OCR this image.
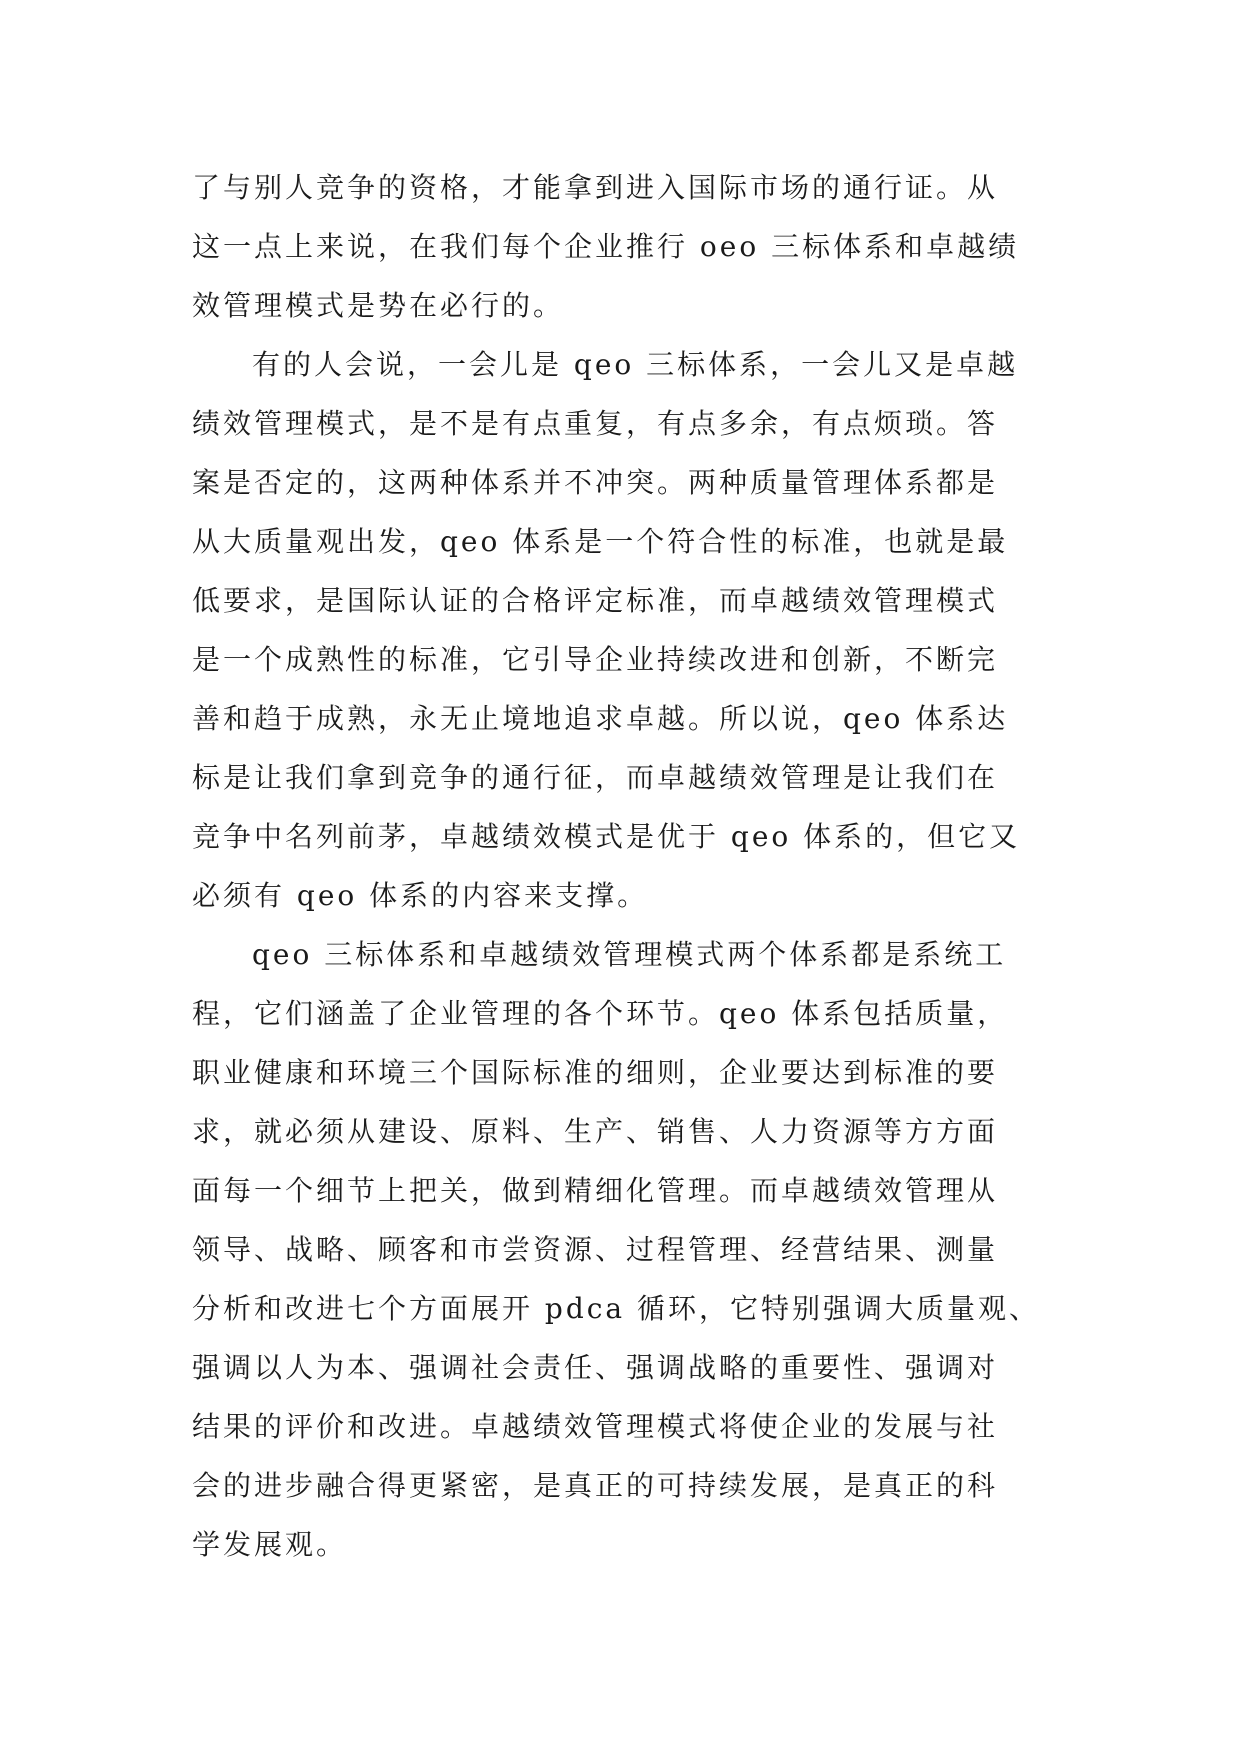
了与别人竞争的资格，才能拿到进入国际市场的通行证。从
这一点上来说，在我们每个企业推行 oeo 三标体系和卓越绩
效管理模式是势在必行的。
有的人会说，一会儿是 qeo 三标体系，一会儿又是卓越
绩效管理模式，是不是有点重复，有点多余，有点烦琐。答
案是否定的，这两种体系并不冲突。两种质量管理体系都是
从大质量观出发，qeo 体系是一个符合性的标准，也就是最
低要求，是国际认证的合格评定标准，而卓越绩效管理模式
是一个成熟性的标准，它引导企业持续改进和创新，不断完
善和趋于成熟，永无止境地追求卓越。所以说，qeo 体系达
标是让我们拿到竞争的通行征，而卓越绩效管理是让我们在
竞争中名列前茅，卓越绩效模式是优于 qeo 体系的，但它又
必须有 qeo 体系的内容来支撑。
qeo 三标体系和卓越绩效管理模式两个体系都是系统工
程，它们涵盖了企业管理的各个环节。qeo 体系包括质量，
职业健康和环境三个国际标准的细则，企业要达到标准的要
求，就必须从建设、原料、生产、销售、人力资源等方方面
面每一个细节上把关，做到精细化管理。而卓越绩效管理从
领导、战略、顾客和市尝资源、过程管理、经营结果、测量
分析和改进七个方面展开 pdca 循环，它特别强调大质量观、
强调以人为本、强调社会责任、强调战略的重要性、强调对
结果的评价和改进。卓越绩效管理模式将使企业的发展与社
会的进步融合得更紧密，是真正的可持续发展，是真正的科
学发展观。
